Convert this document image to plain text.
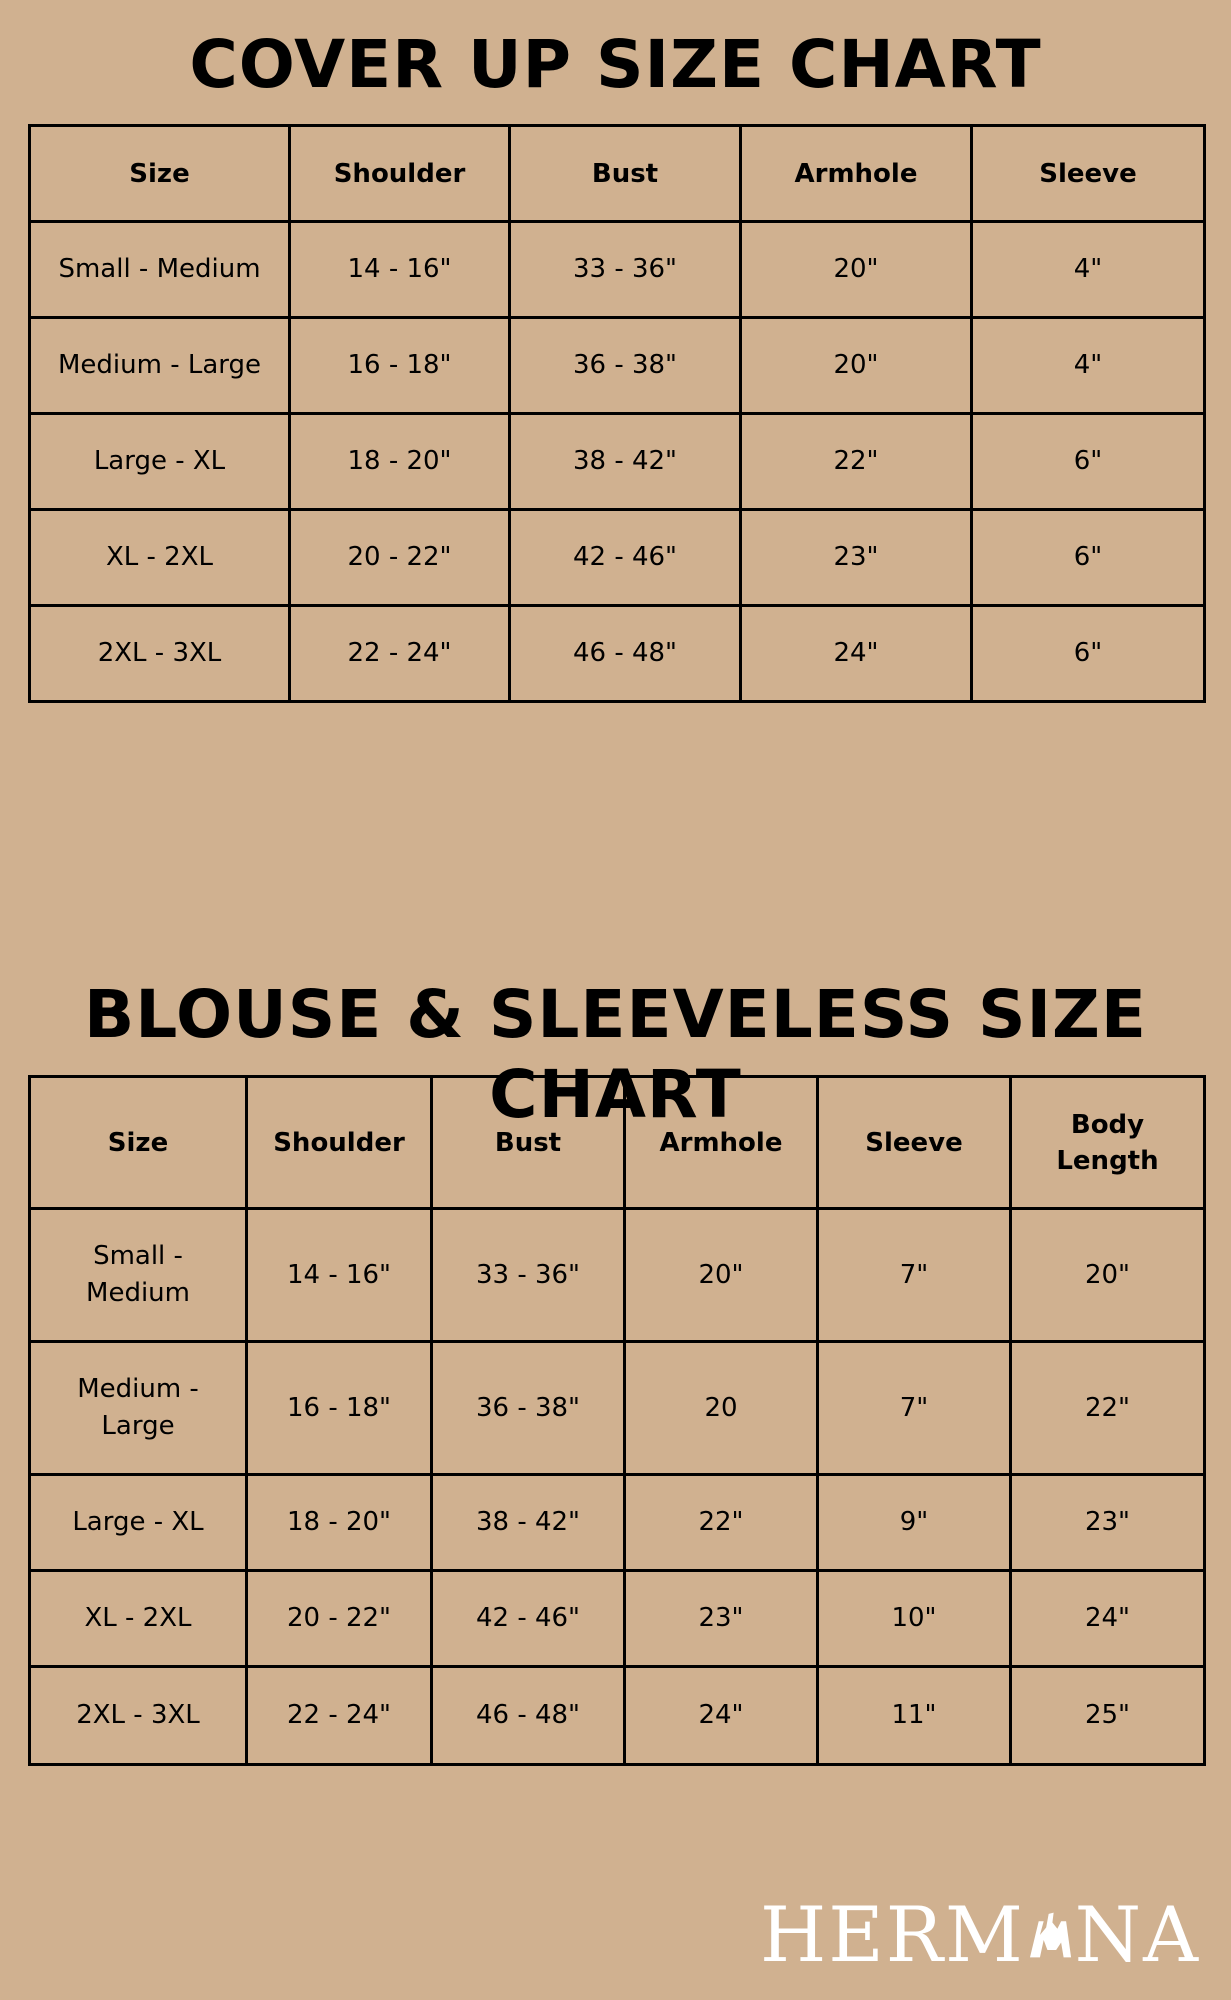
COVER UP SIZE CHART
Size	Shoulder	Bust	Armhole	Sleeve
Small - Medium	14 - 16"	33 - 36"	20"	4"
Medium - Large	16 - 18"	36 - 38"	20"	4"
Large - XL	18 - 20"	38 - 42"	22"	6"
XL - 2XL	20 - 22"	42 - 46"	23"	6"
2XL - 3XL	22 - 24"	46 - 48"	24"	6"
BLOUSE & SLEEVELESS SIZE CHART
Size	Shoulder	Bust	Armhole	Sleeve	Body Length
Small - Medium	14 - 16"	33 - 36"	20"	7"	20"
Medium - Large	16 - 18"	36 - 38"	20	7"	22"
Large - XL	18 - 20"	38 - 42"	22"	9"	23"
XL - 2XL	20 - 22"	42 - 46"	23"	10"	24"
2XL - 3XL	22 - 24"	46 - 48"	24"	11"	25"
HERM NA
